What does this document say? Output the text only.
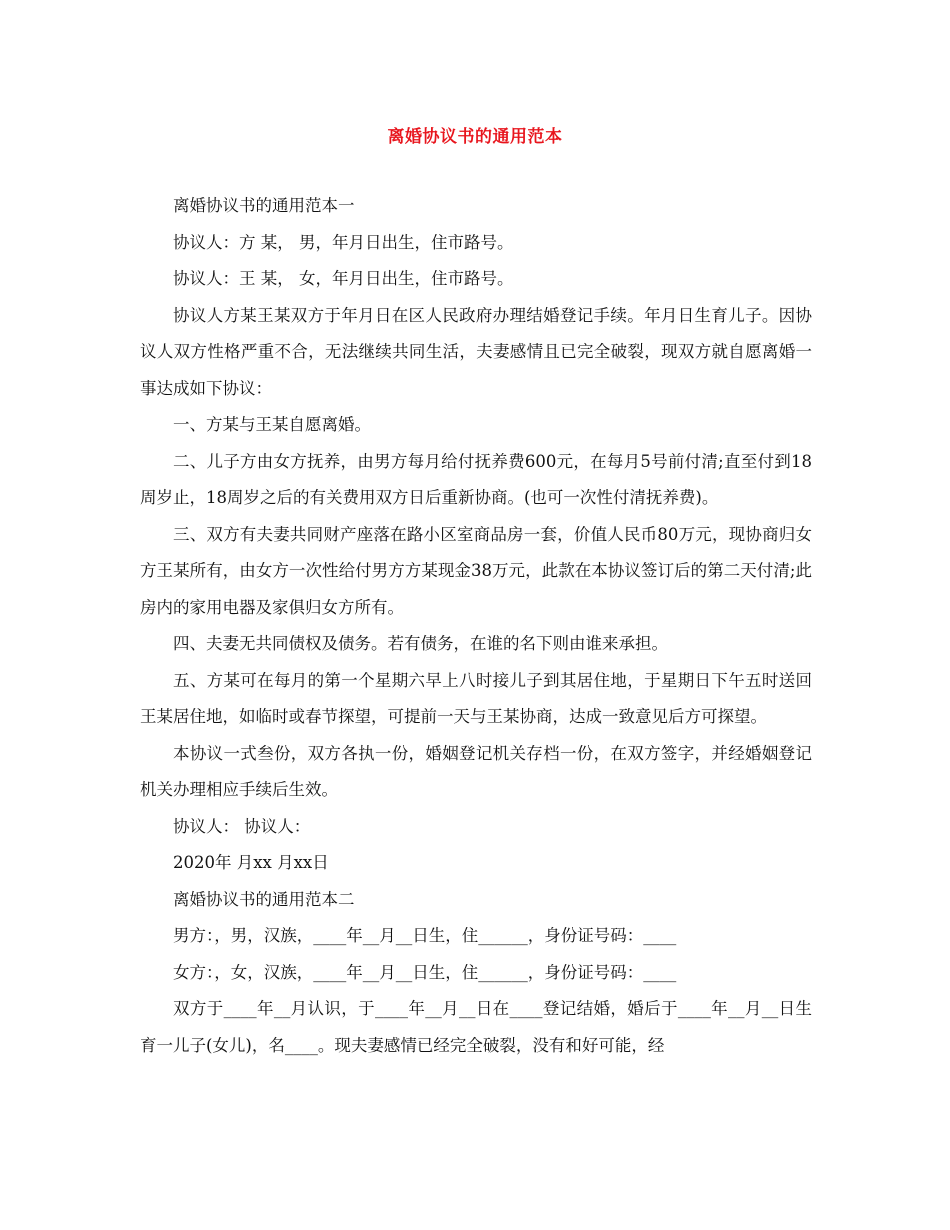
离婚协议书的通用范本

离婚协议书的通用范本一

协议人：方 某， 男，年月日出生，住市路号。

协议人：王 某， 女，年月日出生，住市路号。

协议人方某王某双方于年月日在区人民政府办理结婚登记手续。年月日生育儿子。因协议人双方性格严重不合，无法继续共同生活，夫妻感情且已完全破裂，现双方就自愿离婚一事达成如下协议：

一、方某与王某自愿离婚。

二、儿子方由女方抚养，由男方每月给付抚养费600元，在每月5号前付清;直至付到18周岁止，18周岁之后的有关费用双方日后重新协商。(也可一次性付清抚养费)。

三、双方有夫妻共同财产座落在路小区室商品房一套，价值人民币80万元，现协商归女方王某所有，由女方一次性给付男方方某现金38万元，此款在本协议签订后的第二天付清;此房内的家用电器及家俱归女方所有。

四、夫妻无共同债权及债务。若有债务，在谁的名下则由谁来承担。

五、方某可在每月的第一个星期六早上八时接儿子到其居住地，于星期日下午五时送回王某居住地，如临时或春节探望，可提前一天与王某协商，达成一致意见后方可探望。

本协议一式叁份，双方各执一份，婚姻登记机关存档一份，在双方签字，并经婚姻登记机关办理相应手续后生效。

协议人： 协议人：

2020年 月xx 月xx日

离婚协议书的通用范本二

男方：，男，汉族，____年__月__日生，住______，身份证号码：____

女方：，女，汉族，____年__月__日生，住______，身份证号码：____

双方于____年__月认识，于____年__月__日在____登记结婚，婚后于____年__月__日生育一儿子(女儿)，名____。现夫妻感情已经完全破裂，没有和好可能，经
